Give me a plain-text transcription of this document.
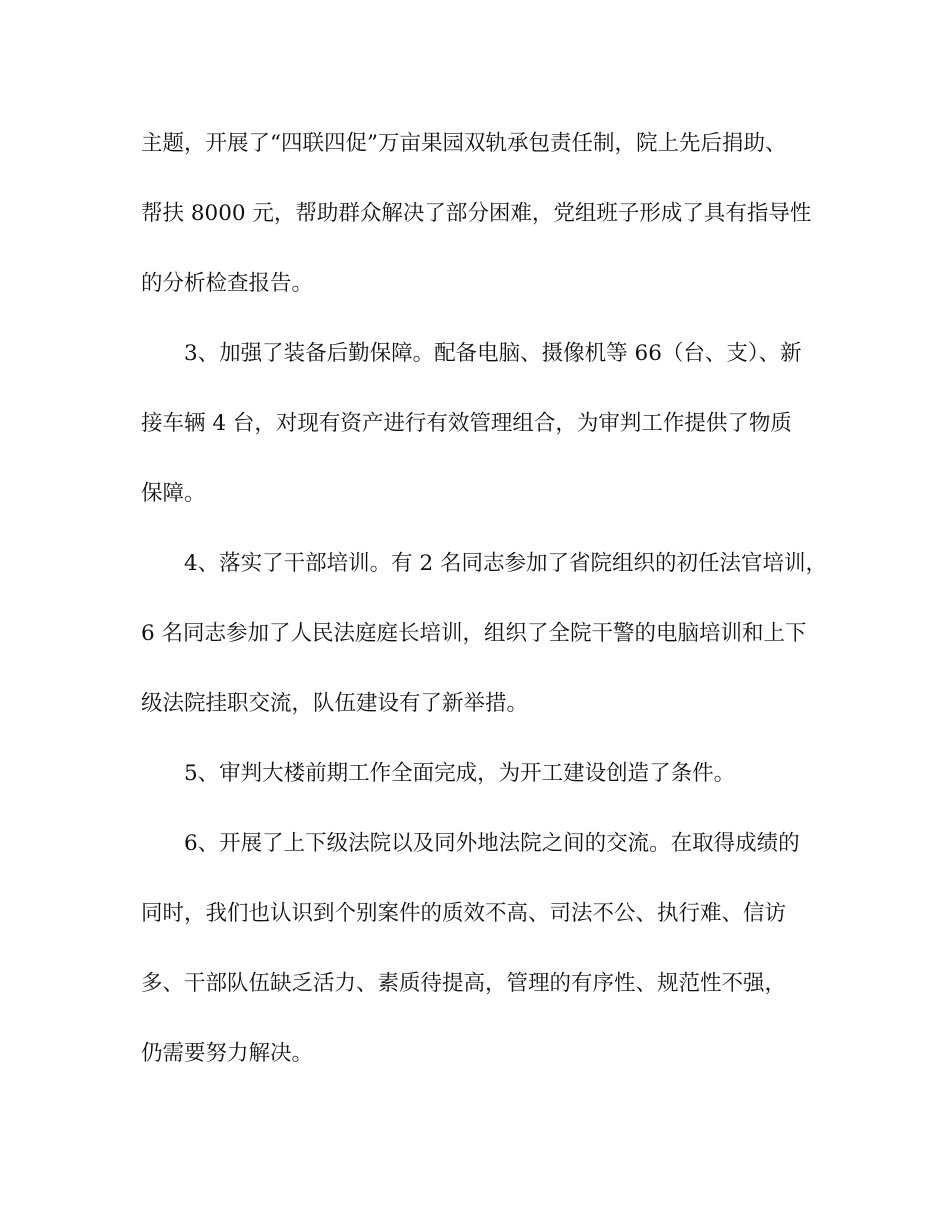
主题，开展了“四联四促”万亩果园双轨承包责任制，院上先后捐助、
帮扶 8000 元，帮助群众解决了部分困难，党组班子形成了具有指导性
的分析检查报告。
3、加强了装备后勤保障。配备电脑、摄像机等 66（台、支）、新
接车辆 4 台，对现有资产进行有效管理组合，为审判工作提供了物质
保障。
4、落实了干部培训。有 2 名同志参加了省院组织的初任法官培训，
6 名同志参加了人民法庭庭长培训，组织了全院干警的电脑培训和上下
级法院挂职交流，队伍建设有了新举措。
5、审判大楼前期工作全面完成，为开工建设创造了条件。
6、开展了上下级法院以及同外地法院之间的交流。在取得成绩的
同时，我们也认识到个别案件的质效不高、司法不公、执行难、信访
多、干部队伍缺乏活力、素质待提高，管理的有序性、规范性不强，
仍需要努力解决。
